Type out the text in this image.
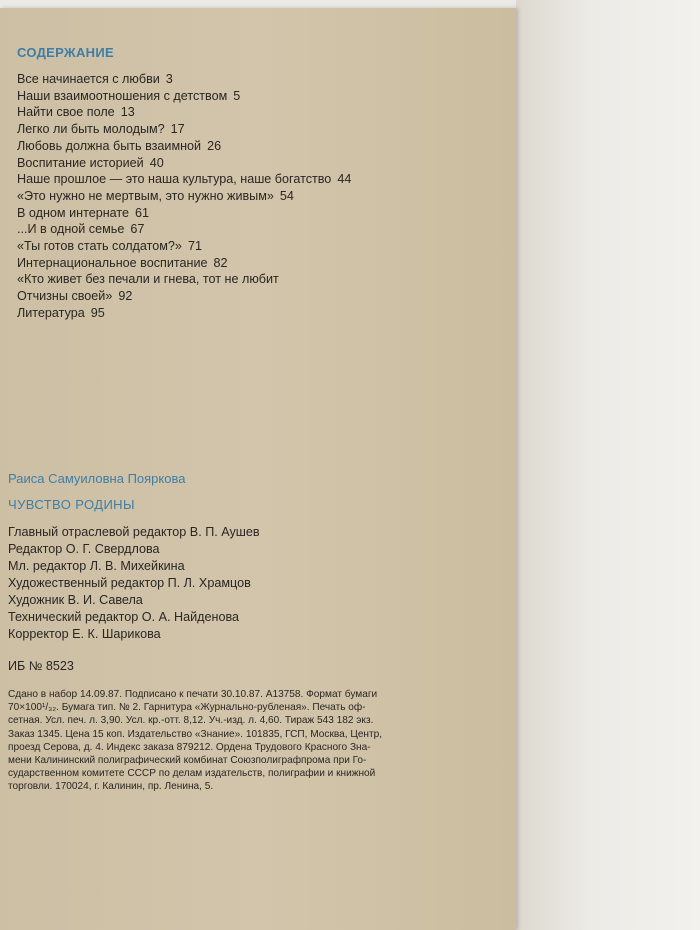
СОДЕРЖАНИЕ
Все начинается с любви 3
Наши взаимоотношения с детством 5
Найти свое поле 13
Легко ли быть молодым? 17
Любовь должна быть взаимной 26
Воспитание историей 40
Наше прошлое — это наша культура, наше богатство 44
«Это нужно не мертвым, это нужно живым» 54
В одном интернате 61
...И в одной семье 67
«Ты готов стать солдатом?» 71
Интернациональное воспитание 82
«Кто живет без печали и гнева, тот не любит
Отчизны своей» 92
Литература 95
Раиса Самуиловна Пояркова
ЧУВСТВО РОДИНЫ
Главный отраслевой редактор В. П. Аушев
Редактор О. Г. Свердлова
Мл. редактор Л. В. Михейкина
Художественный редактор П. Л. Храмцов
Художник В. И. Савела
Технический редактор О. А. Найденова
Корректор Е. К. Шарикова
ИБ № 8523
Сдано в набор 14.09.87. Подписано к печати 30.10.87. А13758. Формат бумаги
70×100¹/₃₂. Бумага тип. № 2. Гарнитура «Журнально-рубленая». Печать оф-
сетная. Усл. печ. л. 3,90. Усл. кр.-отт. 8,12. Уч.-изд. л. 4,60. Тираж 543 182 экз.
Заказ 1345. Цена 15 коп. Издательство «Знание». 101835, ГСП, Москва, Центр,
проезд Серова, д. 4. Индекс заказа 879212. Ордена Трудового Красного Зна-
мени Калининский полиграфический комбинат Союзполиграфпрома при Го-
сударственном комитете СССР по делам издательств, полиграфии и книжной
торговли. 170024, г. Калинин, пр. Ленина, 5.
